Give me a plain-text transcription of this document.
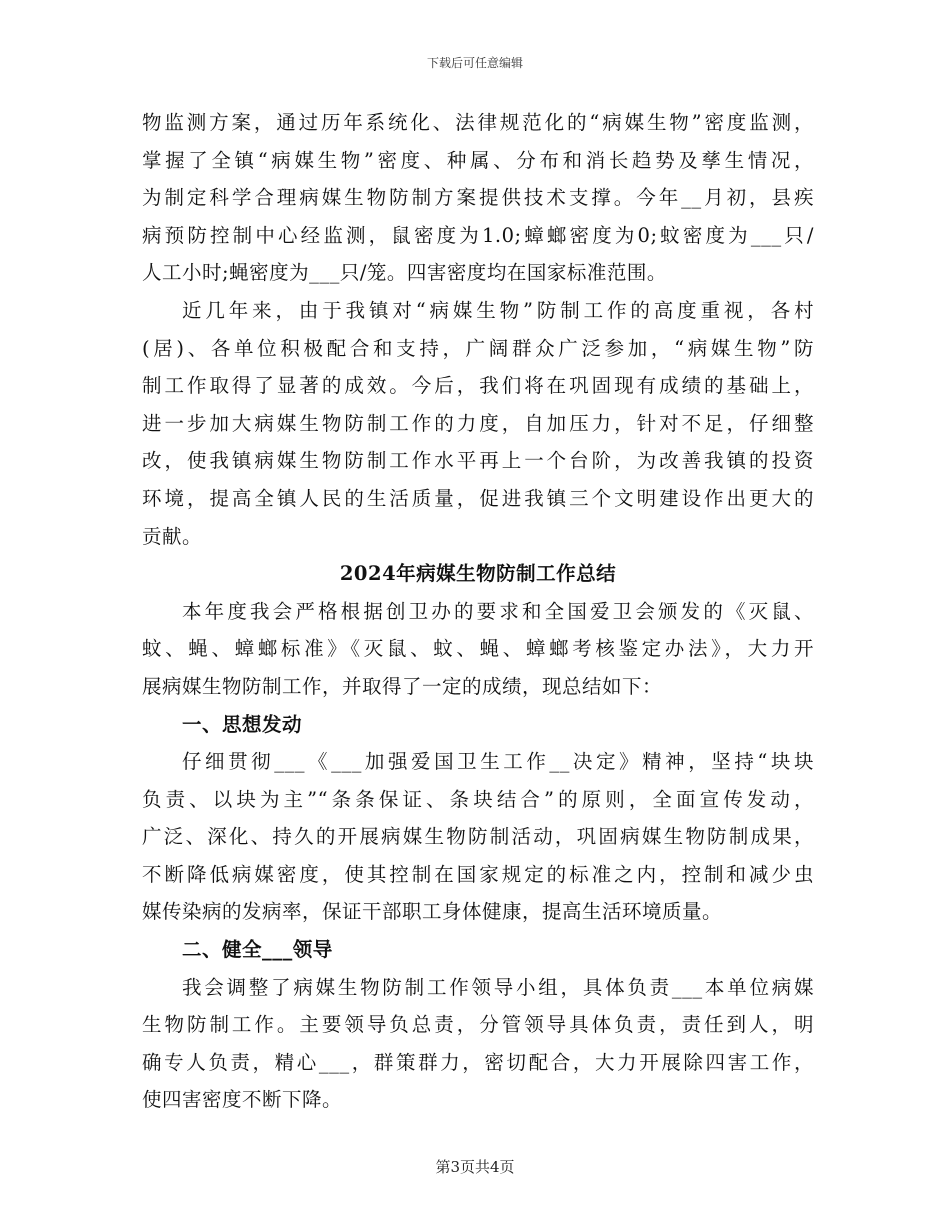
下载后可任意编辑
物监测方案，通过历年系统化、法律规范化的“病媒生物”密度监测，
掌握了全镇“病媒生物”密度、种属、分布和消长趋势及孳生情况，
为制定科学合理病媒生物防制方案提供技术支撑。今年__月初，县疾
病预防控制中心经监测，鼠密度为1.0;蟑螂密度为0;蚊密度为___只/
人工小时;蝇密度为___只/笼。四害密度均在国家标准范围。
近几年来，由于我镇对“病媒生物”防制工作的高度重视，各村
(居)、各单位积极配合和支持，广阔群众广泛参加，“病媒生物”防
制工作取得了显著的成效。今后，我们将在巩固现有成绩的基础上，
进一步加大病媒生物防制工作的力度，自加压力，针对不足，仔细整
改，使我镇病媒生物防制工作水平再上一个台阶，为改善我镇的投资
环境，提高全镇人民的生活质量，促进我镇三个文明建设作出更大的
贡献。
2024年病媒生物防制工作总结
本年度我会严格根据创卫办的要求和全国爱卫会颁发的《灭鼠、
蚊、蝇、蟑螂标准》《灭鼠、蚊、蝇、蟑螂考核鉴定办法》，大力开
展病媒生物防制工作，并取得了一定的成绩，现总结如下：
一、思想发动
仔细贯彻___《___加强爱国卫生工作__决定》精神，坚持“块块
负责、以块为主”“条条保证、条块结合”的原则，全面宣传发动，
广泛、深化、持久的开展病媒生物防制活动，巩固病媒生物防制成果，
不断降低病媒密度，使其控制在国家规定的标准之内，控制和减少虫
媒传染病的发病率，保证干部职工身体健康，提高生活环境质量。
二、健全___领导
我会调整了病媒生物防制工作领导小组，具体负责___本单位病媒
生物防制工作。主要领导负总责，分管领导具体负责，责任到人，明
确专人负责，精心___，群策群力，密切配合，大力开展除四害工作，
使四害密度不断下降。
第3页共4页
